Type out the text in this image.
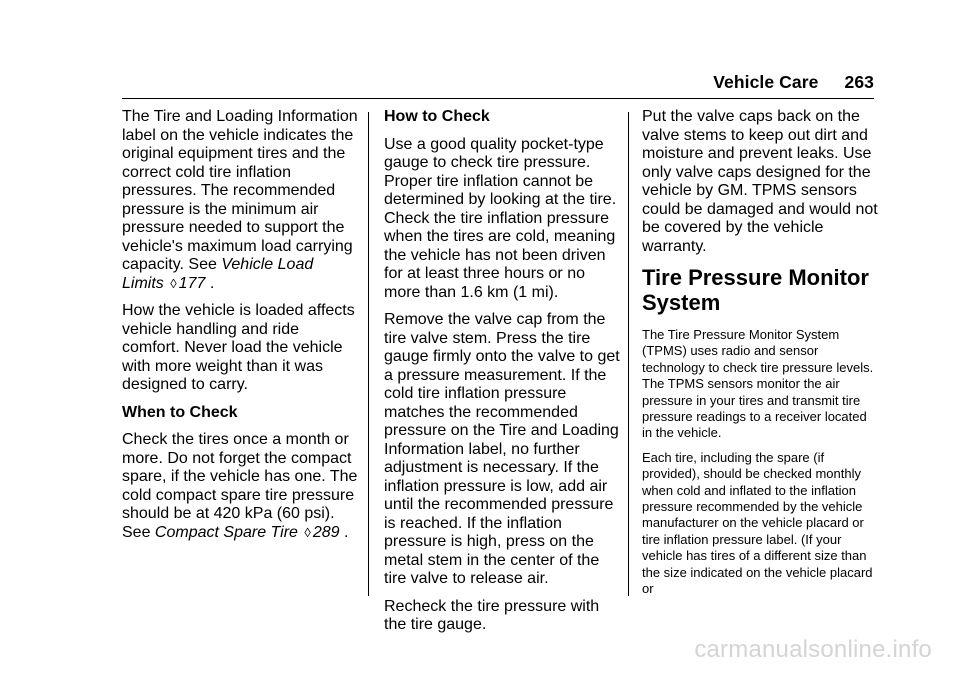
Vehicle Care 263

The Tire and Loading Information label on the vehicle indicates the original equipment tires and the correct cold tire inflation pressures. The recommended pressure is the minimum air pressure needed to support the vehicle's maximum load carrying capacity. See Vehicle Load Limits ◊ 177 .

How the vehicle is loaded affects vehicle handling and ride comfort. Never load the vehicle with more weight than it was designed to carry.

When to Check

Check the tires once a month or more. Do not forget the compact spare, if the vehicle has one. The cold compact spare tire pressure should be at 420 kPa (60 psi). See Compact Spare Tire ◊ 289 .

How to Check

Use a good quality pocket-type gauge to check tire pressure. Proper tire inflation cannot be determined by looking at the tire. Check the tire inflation pressure when the tires are cold, meaning the vehicle has not been driven for at least three hours or no more than 1.6 km (1 mi).

Remove the valve cap from the tire valve stem. Press the tire gauge firmly onto the valve to get a pressure measurement. If the cold tire inflation pressure matches the recommended pressure on the Tire and Loading Information label, no further adjustment is necessary. If the inflation pressure is low, add air until the recommended pressure is reached. If the inflation pressure is high, press on the metal stem in the center of the tire valve to release air.

Recheck the tire pressure with the tire gauge.

Put the valve caps back on the valve stems to keep out dirt and moisture and prevent leaks. Use only valve caps designed for the vehicle by GM. TPMS sensors could be damaged and would not be covered by the vehicle warranty.

Tire Pressure Monitor System

The Tire Pressure Monitor System (TPMS) uses radio and sensor technology to check tire pressure levels. The TPMS sensors monitor the air pressure in your tires and transmit tire pressure readings to a receiver located in the vehicle.

Each tire, including the spare (if provided), should be checked monthly when cold and inflated to the inflation pressure recommended by the vehicle manufacturer on the vehicle placard or tire inflation pressure label. (If your vehicle has tires of a different size than the size indicated on the vehicle placard or

carmanualsonline.info
